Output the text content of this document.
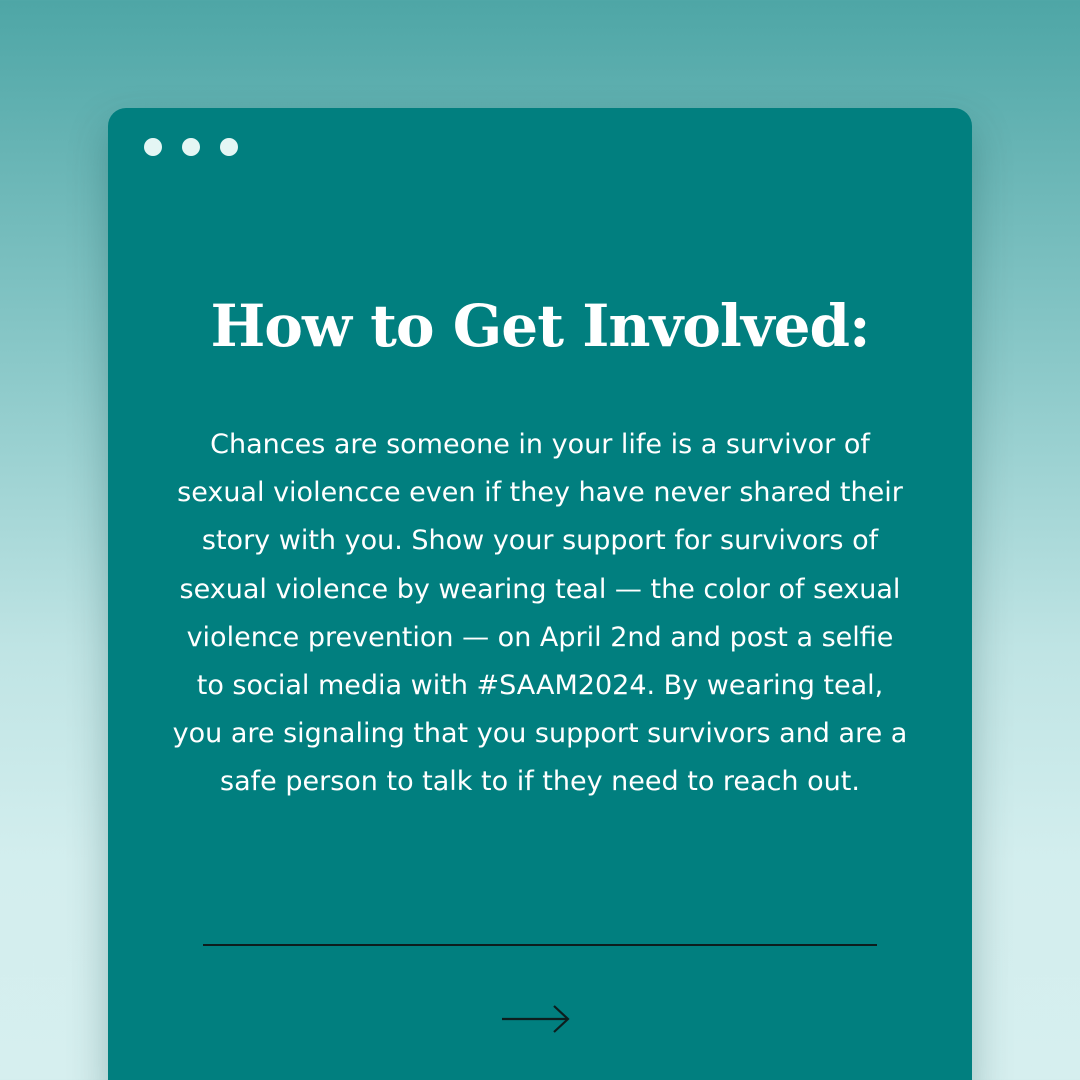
How to Get Involved:

Chances are someone in your life is a survivor of sexual violencce even if they have never shared their story with you. Show your support for survivors of sexual violence by wearing teal — the color of sexual violence prevention — on April 2nd and post a selfie to social media with #SAAM2024. By wearing teal, you are signaling that you support survivors and are a safe person to talk to if they need to reach out.
